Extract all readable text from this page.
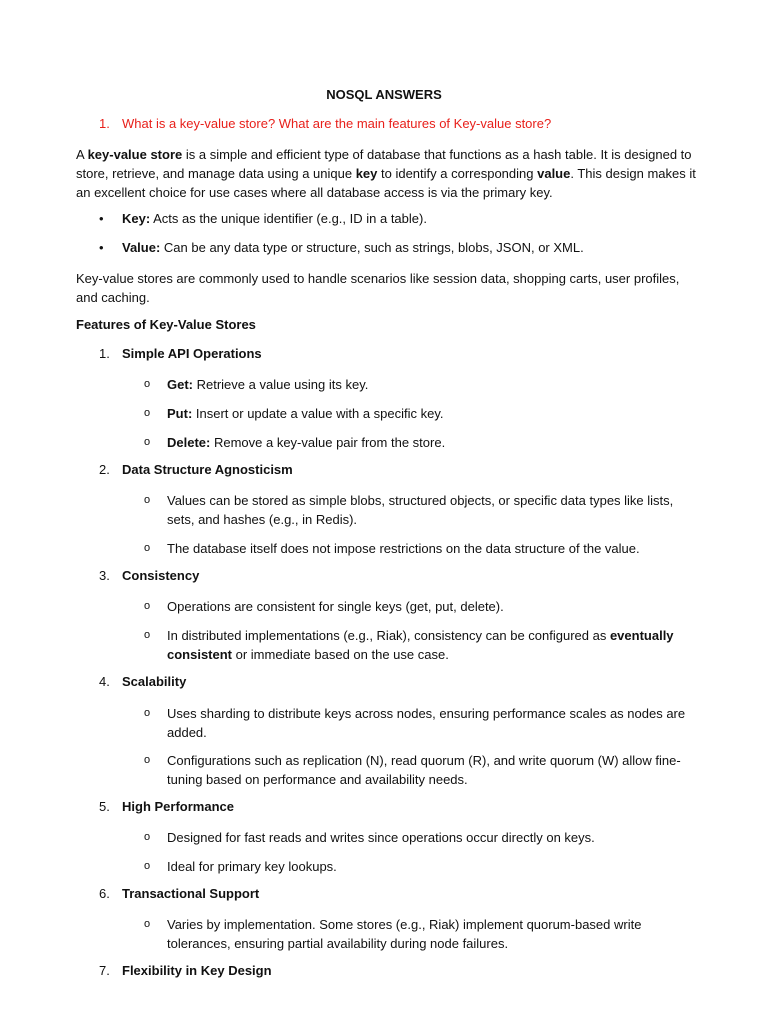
NOSQL ANSWERS
1. What is a key-value store? What are the main features of Key-value store?
A key-value store is a simple and efficient type of database that functions as a hash table. It is designed to store, retrieve, and manage data using a unique key to identify a corresponding value. This design makes it an excellent choice for use cases where all database access is via the primary key.
• Key: Acts as the unique identifier (e.g., ID in a table).
• Value: Can be any data type or structure, such as strings, blobs, JSON, or XML.
Key-value stores are commonly used to handle scenarios like session data, shopping carts, user profiles, and caching.
Features of Key-Value Stores
1. Simple API Operations
o Get: Retrieve a value using its key.
o Put: Insert or update a value with a specific key.
o Delete: Remove a key-value pair from the store.
2. Data Structure Agnosticism
o Values can be stored as simple blobs, structured objects, or specific data types like lists, sets, and hashes (e.g., in Redis).
o The database itself does not impose restrictions on the data structure of the value.
3. Consistency
o Operations are consistent for single keys (get, put, delete).
o In distributed implementations (e.g., Riak), consistency can be configured as eventually consistent or immediate based on the use case.
4. Scalability
o Uses sharding to distribute keys across nodes, ensuring performance scales as nodes are added.
o Configurations such as replication (N), read quorum (R), and write quorum (W) allow fine-tuning based on performance and availability needs.
5. High Performance
o Designed for fast reads and writes since operations occur directly on keys.
o Ideal for primary key lookups.
6. Transactional Support
o Varies by implementation. Some stores (e.g., Riak) implement quorum-based write tolerances, ensuring partial availability during node failures.
7. Flexibility in Key Design
